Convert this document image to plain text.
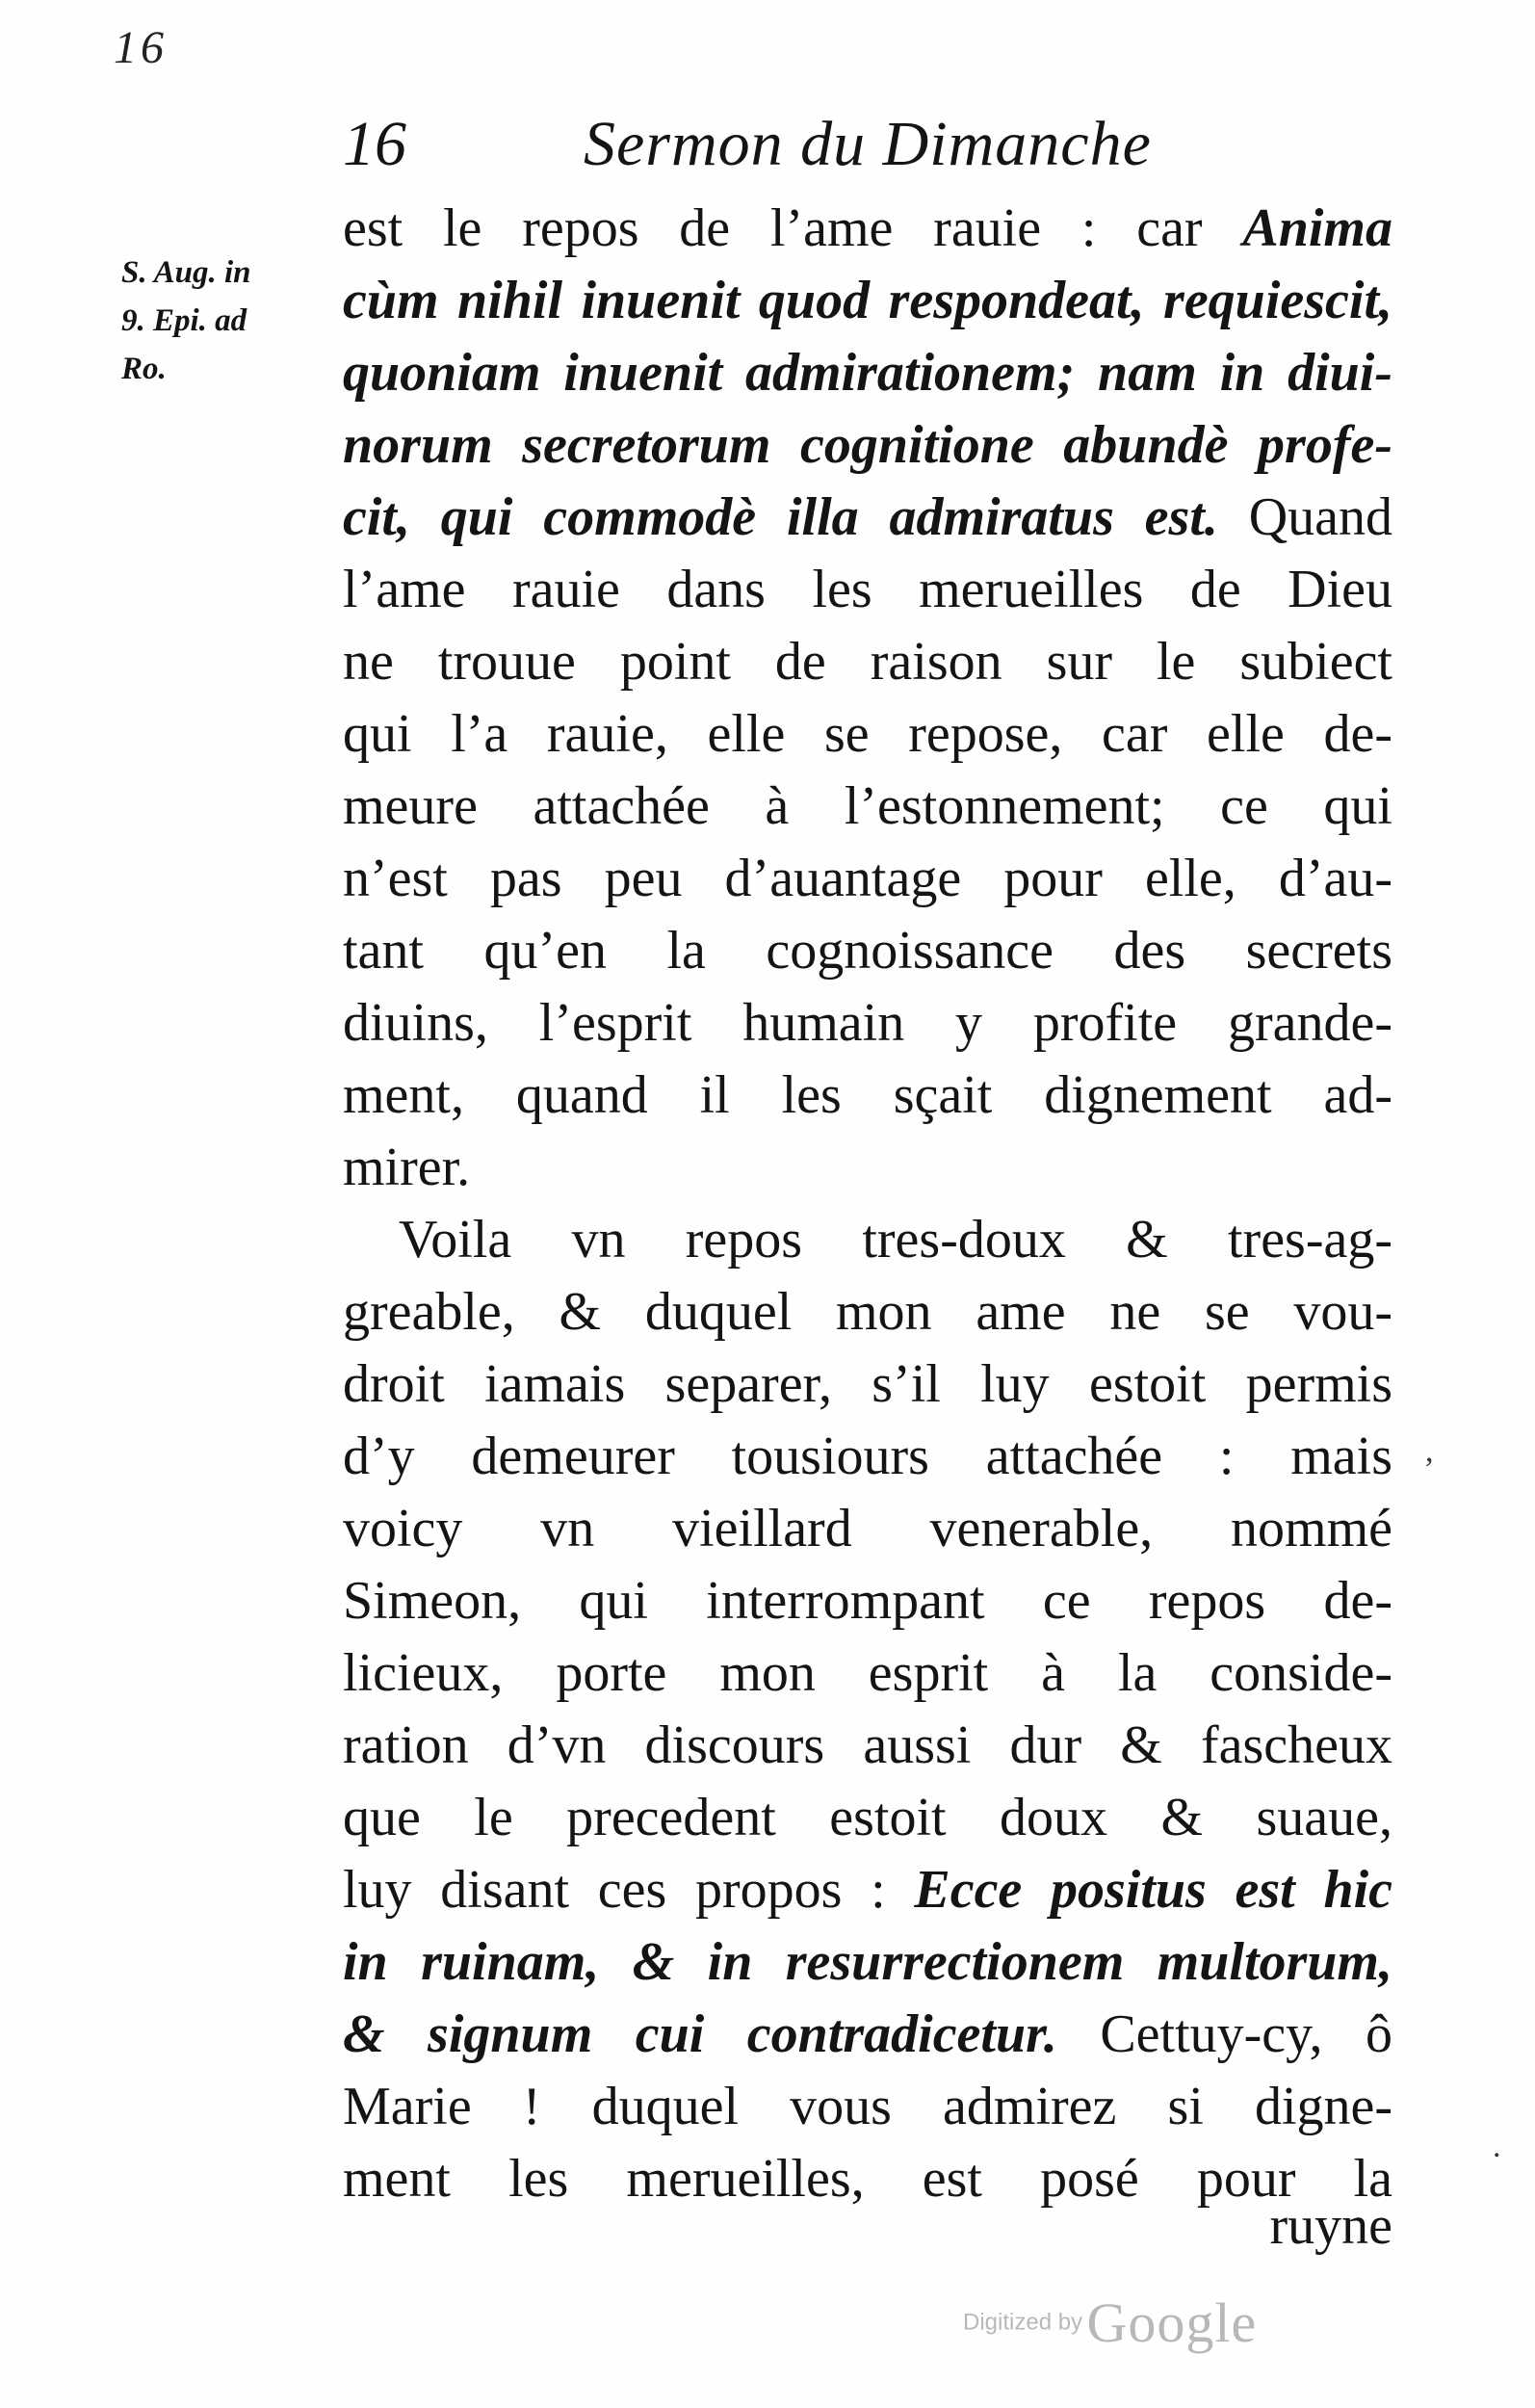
16
16	Sermon du Dimanche
S. Aug. in
9. Epi. ad
Ro.
est le repos de l’ame rauie : car Anima
cùm nihil inuenit quod respondeat, requiescit,
quoniam inuenit admirationem; nam in diui-
norum secretorum cognitione abundè profe-
cit, qui commodè illa admiratus est. Quand
l’ame rauie dans les merueilles de Dieu
ne trouue point de raison sur le subiect
qui l’a rauie, elle se repose, car elle de-
meure attachée à l’estonnement; ce qui
n’est pas peu d’auantage pour elle, d’au-
tant qu’en la cognoissance des secrets
diuins, l’esprit humain y profite grande-
ment, quand il les sçait dignement ad-
mirer.
Voila vn repos tres-doux & tres-ag-
greable, & duquel mon ame ne se vou-
droit iamais separer, s’il luy estoit permis
d’y demeurer tousiours attachée : mais
voicy vn vieillard venerable, nommé
Simeon, qui interrompant ce repos de-
licieux, porte mon esprit à la conside-
ration d’vn discours aussi dur & fascheux
que le precedent estoit doux & suaue,
luy disant ces propos : Ecce positus est hic
in ruinam, & in resurrectionem multorum,
& signum cui contradicetur. Cettuy-cy, ô
Marie ! duquel vous admirez si digne-
ment les merueilles, est posé pour la
ruyne
,
.
Digitized by Google
